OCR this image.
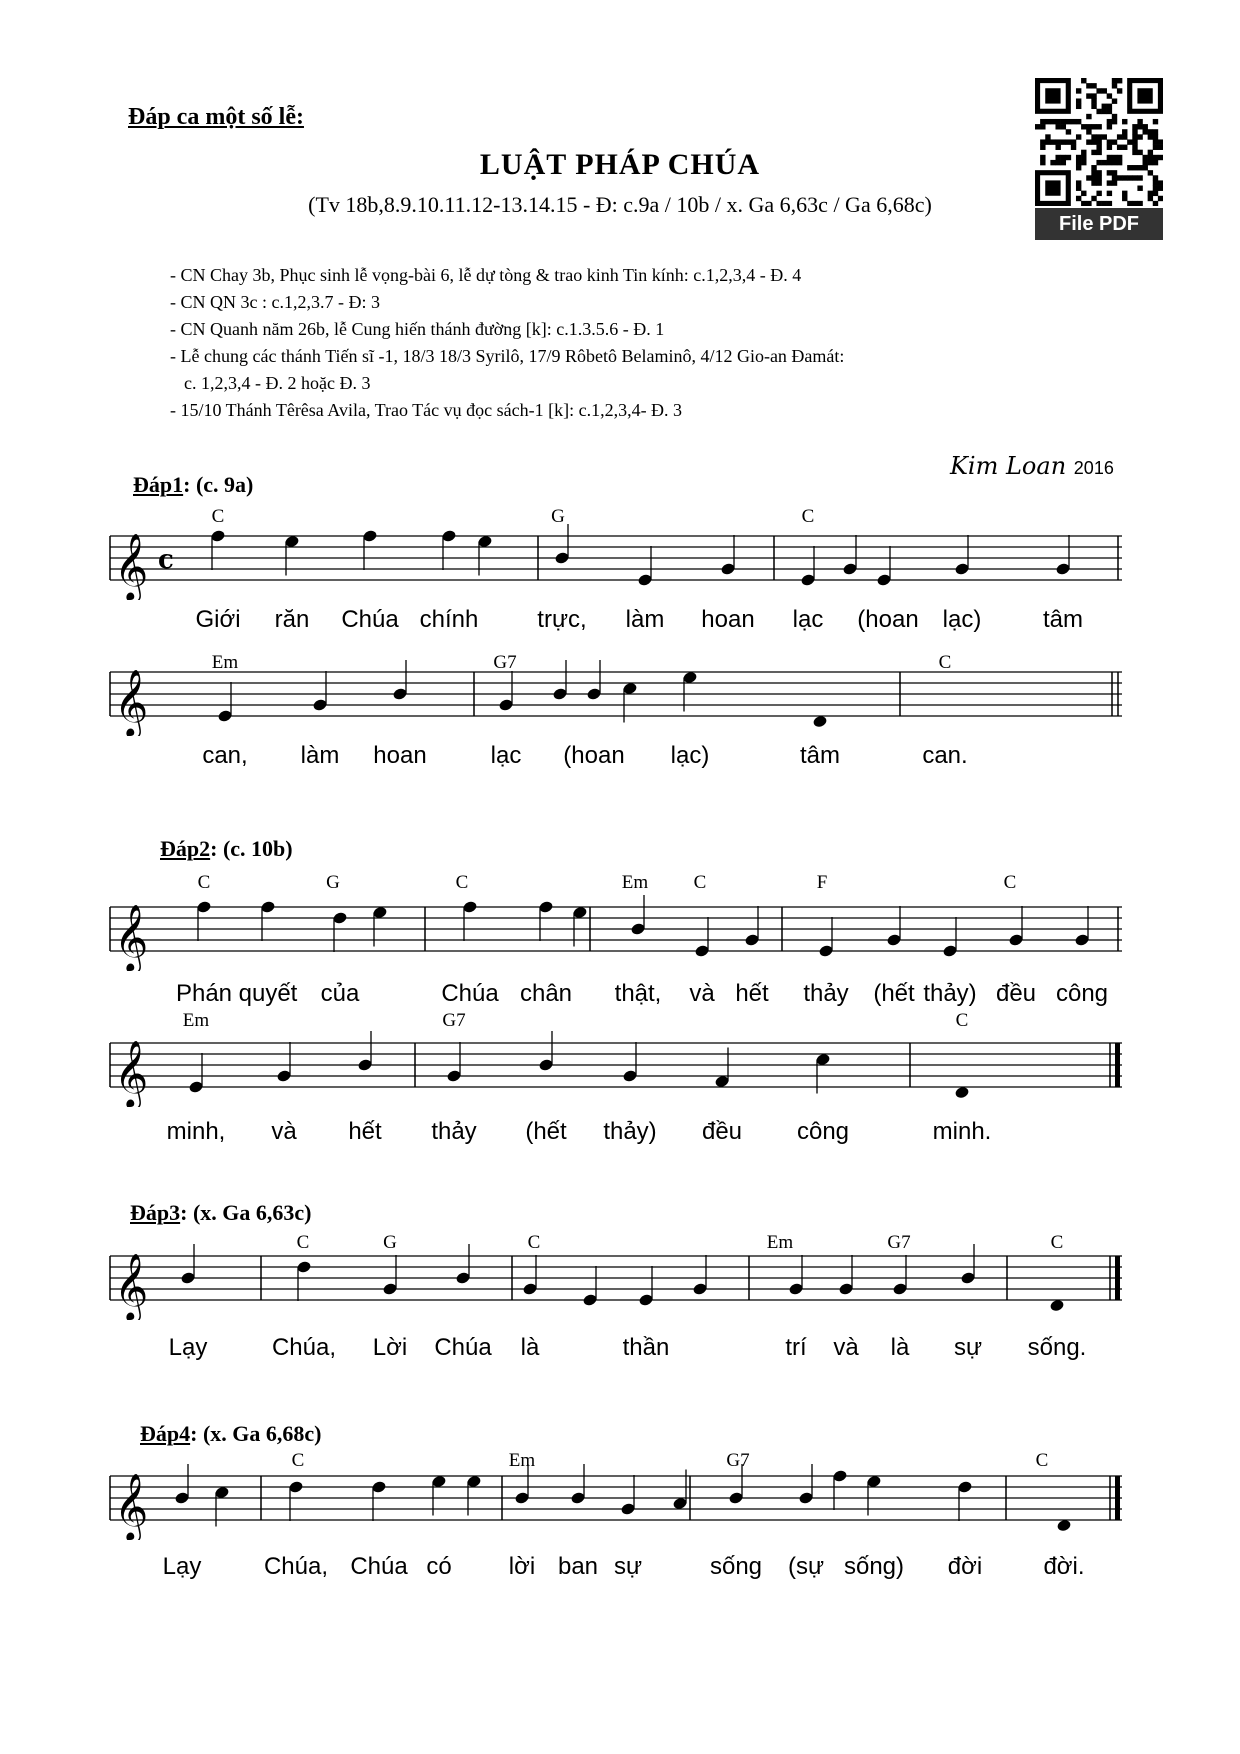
Đáp ca một số lễ:
LUẬT PHÁP CHÚA
(Tv 18b,8.9.10.11.12-13.14.15 - Đ: c.9a / 10b / x. Ga 6,63c / Ga 6,68c)
- CN Chay 3b, Phục sinh lễ vọng-bài 6, lễ dự tòng & trao kinh Tin kính: c.1,2,3,4 - Đ. 4
- CN QN 3c : c.1,2,3.7 - Đ: 3
- CN Quanh năm 26b, lễ Cung hiến thánh đường [k]: c.1.3.5.6 - Đ. 1
- Lễ chung các thánh Tiến sĩ -1, 18/3 18/3 Syrilô, 17/9 Rôbetô Belaminô, 4/12 Gio-an Đamát:
c. 1,2,3,4 - Đ. 2 hoặc Đ. 3
- 15/10 Thánh Têrêsa Avila, Trao Tác vụ đọc sách-1 [k]: c.1,2,3,4- Đ. 3
File PDF
Kim Loan 2016
Đáp1: (c. 9a)
Đáp2: (c. 10b)
Đáp3: (x. Ga 6,63c)
Đáp4: (x. Ga 6,68c)
𝄞 c
𝄞
𝄞
𝄞
𝄞
𝄞
C	G	C
Giới răn Chúa chính trực, làm hoan lạc (hoan lạc)	tâm
Em	G7	C
can, làm hoan	lạc (hoan lạc)	tâm	can.
C	G	C	Em C	F	C
Phán quyết của	Chúa chân thật, và hết thảy (hết thảy) đều công
Em	G7	C
minh, và hết thảy (hết thảy) đều công	minh.
C	G	C	Em	G7	C
Lạy	Chúa, Lời Chúa là	thần	trí và là sự sống.
C	Em	G7	C
Lạy	Chúa, Chúa có lời ban sự	sống (sự sống) đời	đời.
